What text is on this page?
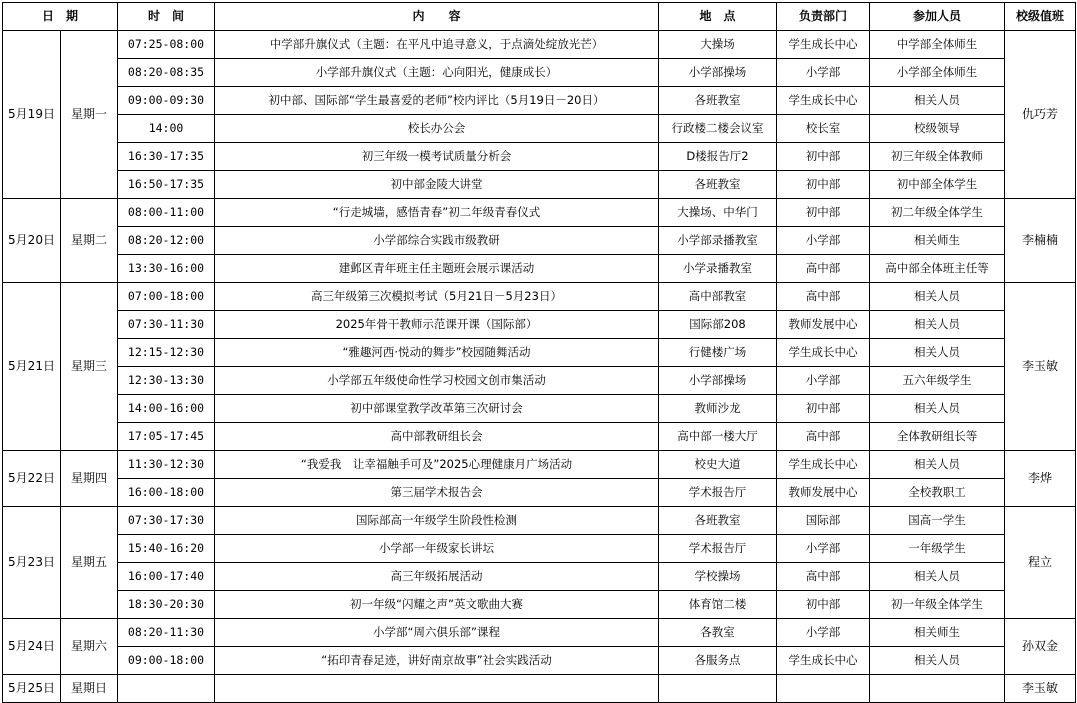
日　期		时　间	内　　容	地　点	负责部门	参加人员	校级值班
5月19日	星期一	07:25-08:00	中学部升旗仪式（主题：在平凡中追寻意义，于点滴处绽放光芒）	大操场	学生成长中心	中学部全体师生	仇巧芳
		08:20-08:35	小学部升旗仪式（主题：心向阳光，健康成长）	小学部操场	小学部	小学部全体师生	
		09:00-09:30	初中部、国际部“学生最喜爱的老师”校内评比（5月19日－20日）	各班教室	学生成长中心	相关人员	
		14:00	校长办公会	行政楼二楼会议室	校长室	校级领导	
		16:30-17:35	初三年级一模考试质量分析会	D楼报告厅2	初中部	初三年级全体教师	
		16:50-17:35	初中部金陵大讲堂	各班教室	初中部	初中部全体学生	
5月20日	星期二	08:00-11:00	“行走城墙，感悟青春”初二年级青春仪式	大操场、中华门	初中部	初二年级全体学生	李楠楠
		08:20-12:00	小学部综合实践市级教研	小学部录播教室	小学部	相关师生	
		13:30-16:00	建邺区青年班主任主题班会展示课活动	小学录播教室	高中部	高中部全体班主任等	
5月21日	星期三	07:00-18:00	高三年级第三次模拟考试（5月21日－5月23日）	高中部教室	高中部	相关人员	李玉敏
		07:30-11:30	2025年骨干教师示范课开课（国际部）	国际部208	教师发展中心	相关人员	
		12:15-12:30	“雅趣河西·悦动的舞步”校园随舞活动	行健楼广场	学生成长中心	相关人员	
		12:30-13:30	小学部五年级使命性学习校园文创市集活动	小学部操场	小学部	五六年级学生	
		14:00-16:00	初中部课堂教学改革第三次研讨会	教师沙龙	初中部	相关人员	
		17:05-17:45	高中部教研组长会	高中部一楼大厅	高中部	全体教研组长等	
5月22日	星期四	11:30-12:30	“我爱我　让幸福触手可及”2025心理健康月广场活动	校史大道	学生成长中心	相关人员	李烨
		16:00-18:00	第三届学术报告会	学术报告厅	教师发展中心	全校教职工	
5月23日	星期五	07:30-17:30	国际部高一年级学生阶段性检测	各班教室	国际部	国高一学生	程立
		15:40-16:20	小学部一年级家长讲坛	学术报告厅	小学部	一年级学生	
		16:00-17:40	高三年级拓展活动	学校操场	高中部	相关人员	
		18:30-20:30	初一年级“闪耀之声”英文歌曲大赛	体育馆二楼	初中部	初一年级全体学生	
5月24日	星期六	08:20-11:30	小学部“周六俱乐部”课程	各教室	小学部	相关师生	孙双金
		09:00-18:00	“拓印青春足迹，讲好南京故事”社会实践活动	各服务点	学生成长中心	相关人员	
5月25日	星期日						李玉敏
